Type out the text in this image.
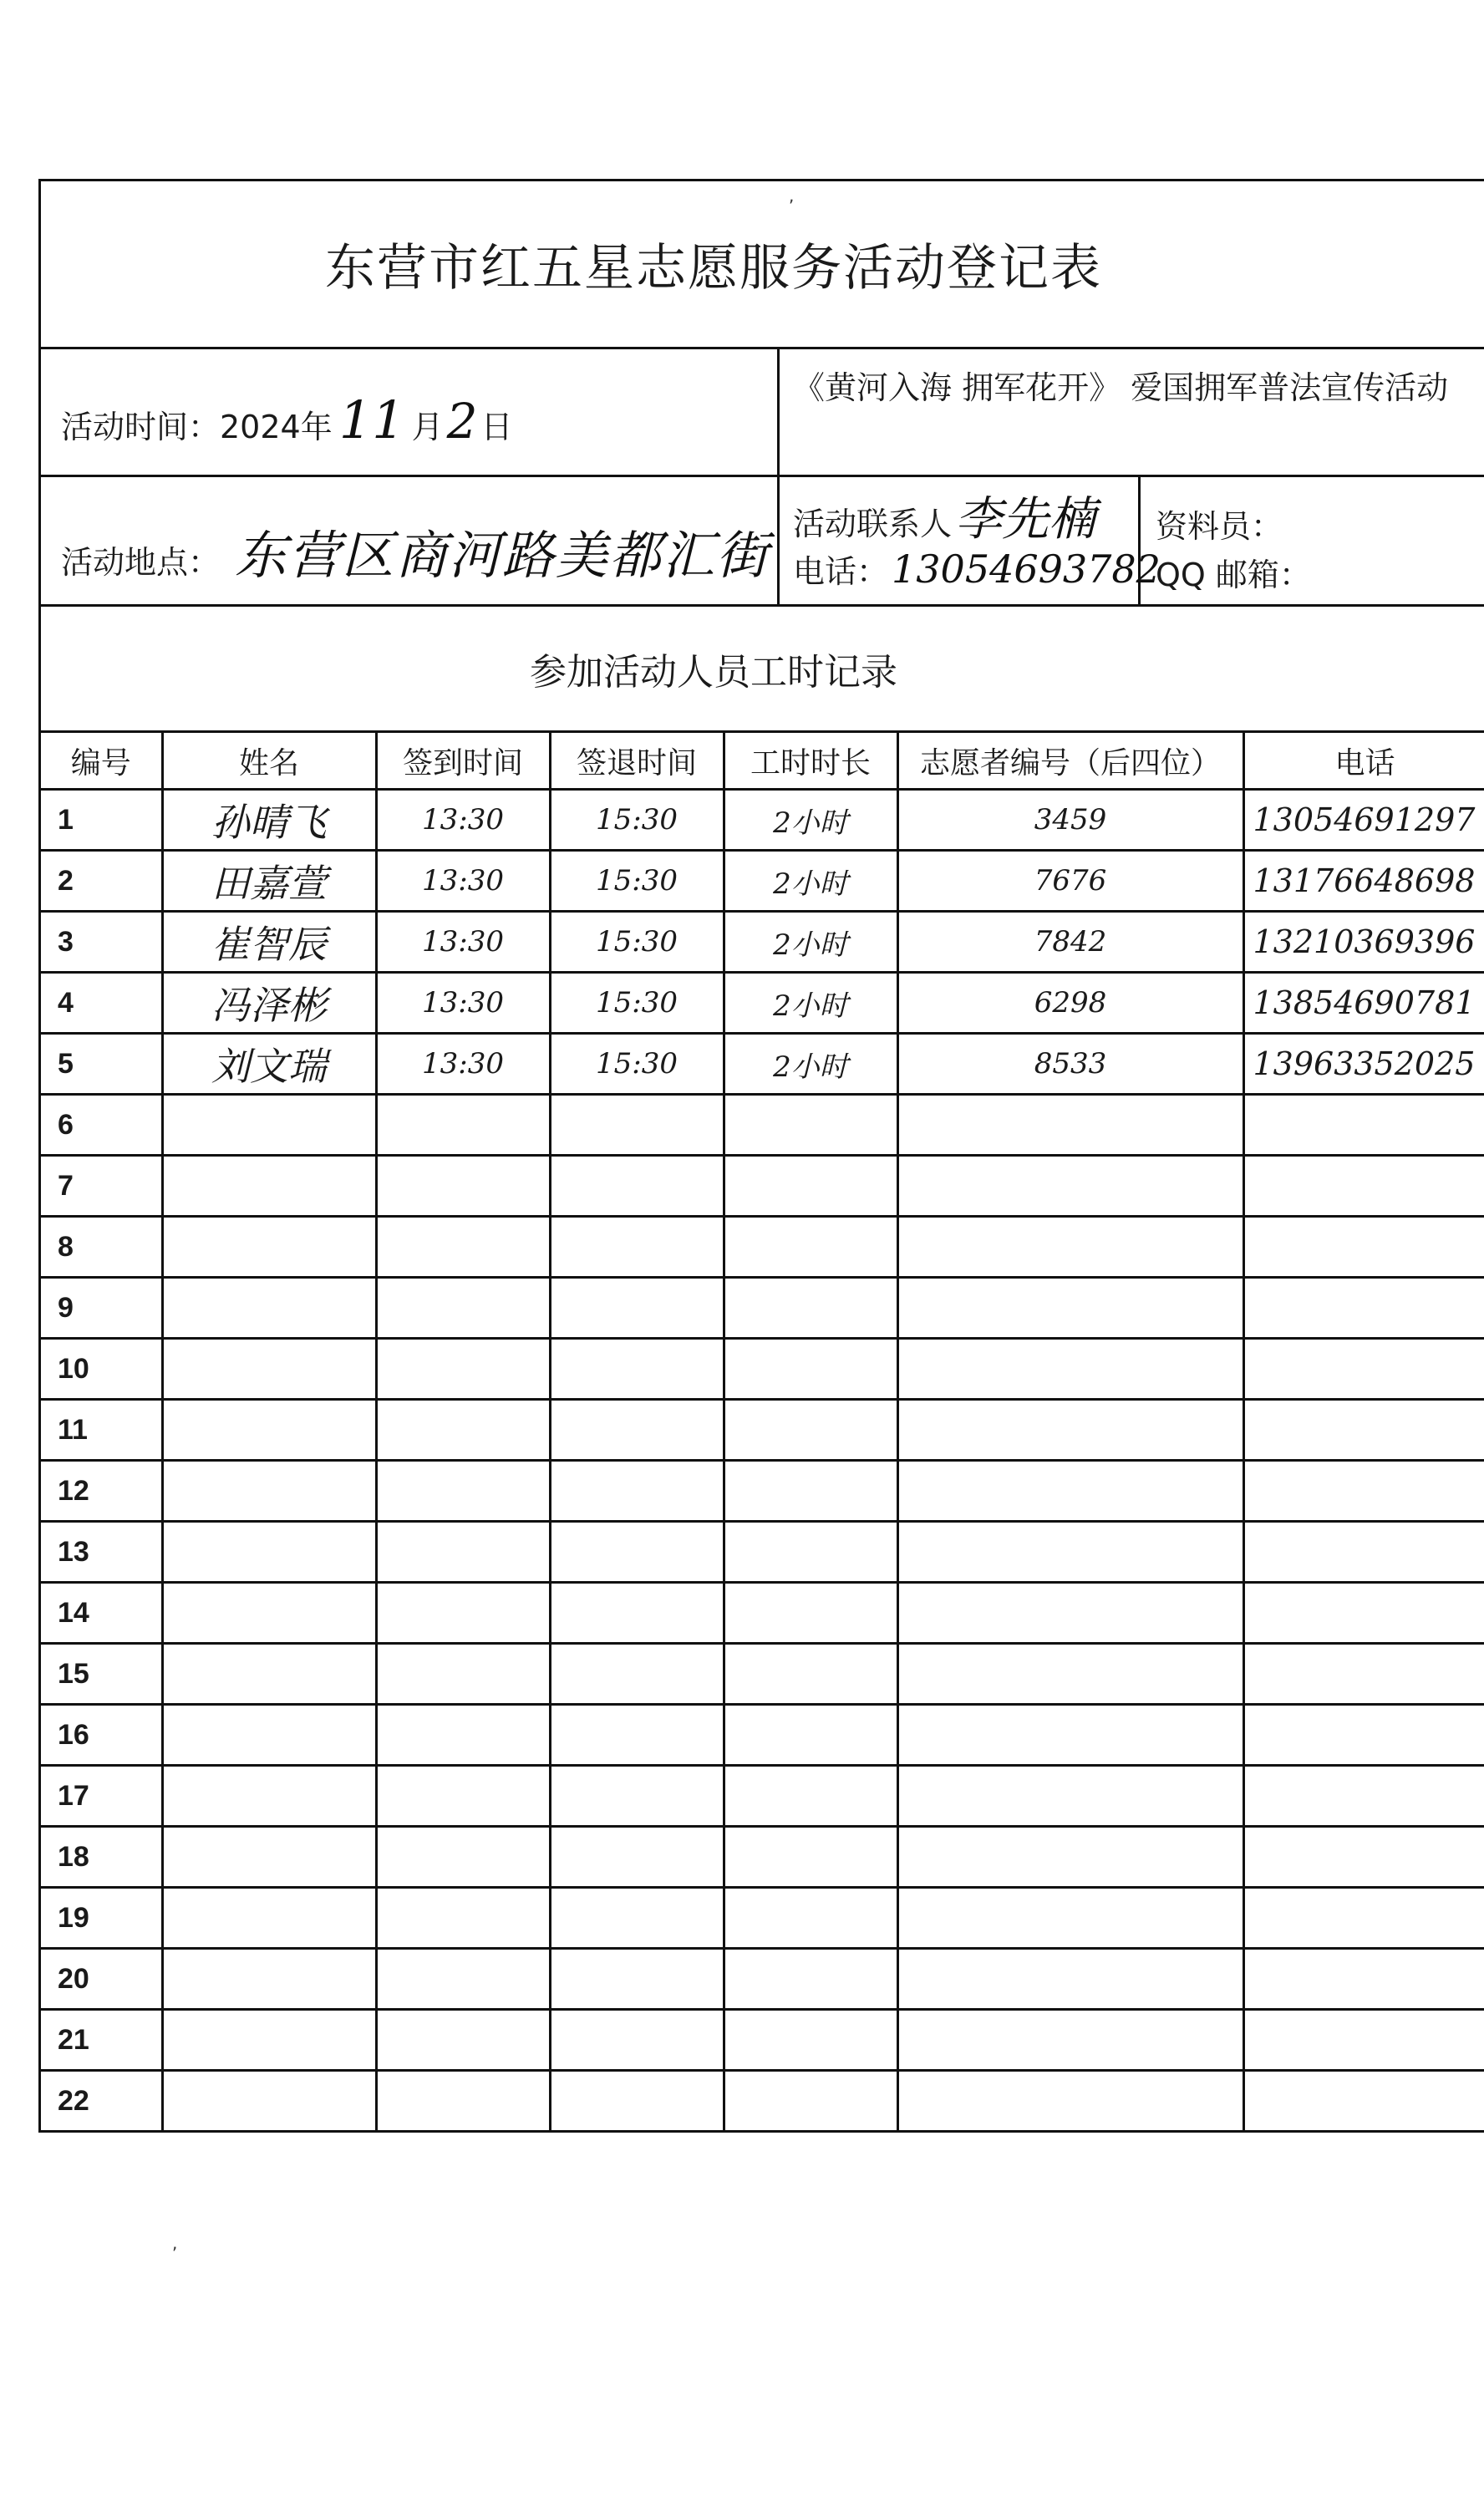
东营市红五星志愿服务活动登记表
活动时间：2024年 11 月 2 日
《黄河入海 拥军花开》 爱国拥军普法宣传活动
活动地点： 东营区商河路美都汇街
活动联系人 李先楠
电话： 13054693782
资料员：
QQ 邮箱：
参加活动人员工时记录
编号	姓名	签到时间	签退时间	工时时长	志愿者编号（后四位）	电话
1	孙晴飞	13:30	15:30	2小时	3459	13054691297
2	田嘉萱	13:30	15:30	2小时	7676	13176648698
3	崔智辰	13:30	15:30	2小时	7842	13210369396
4	冯泽彬	13:30	15:30	2小时	6298	13854690781
5	刘文瑞	13:30	15:30	2小时	8533	13963352025
6						
7						
8						
9						
10						
11						
12						
13						
14						
15						
16						
17						
18						
19						
20						
21						
22						
,
,
